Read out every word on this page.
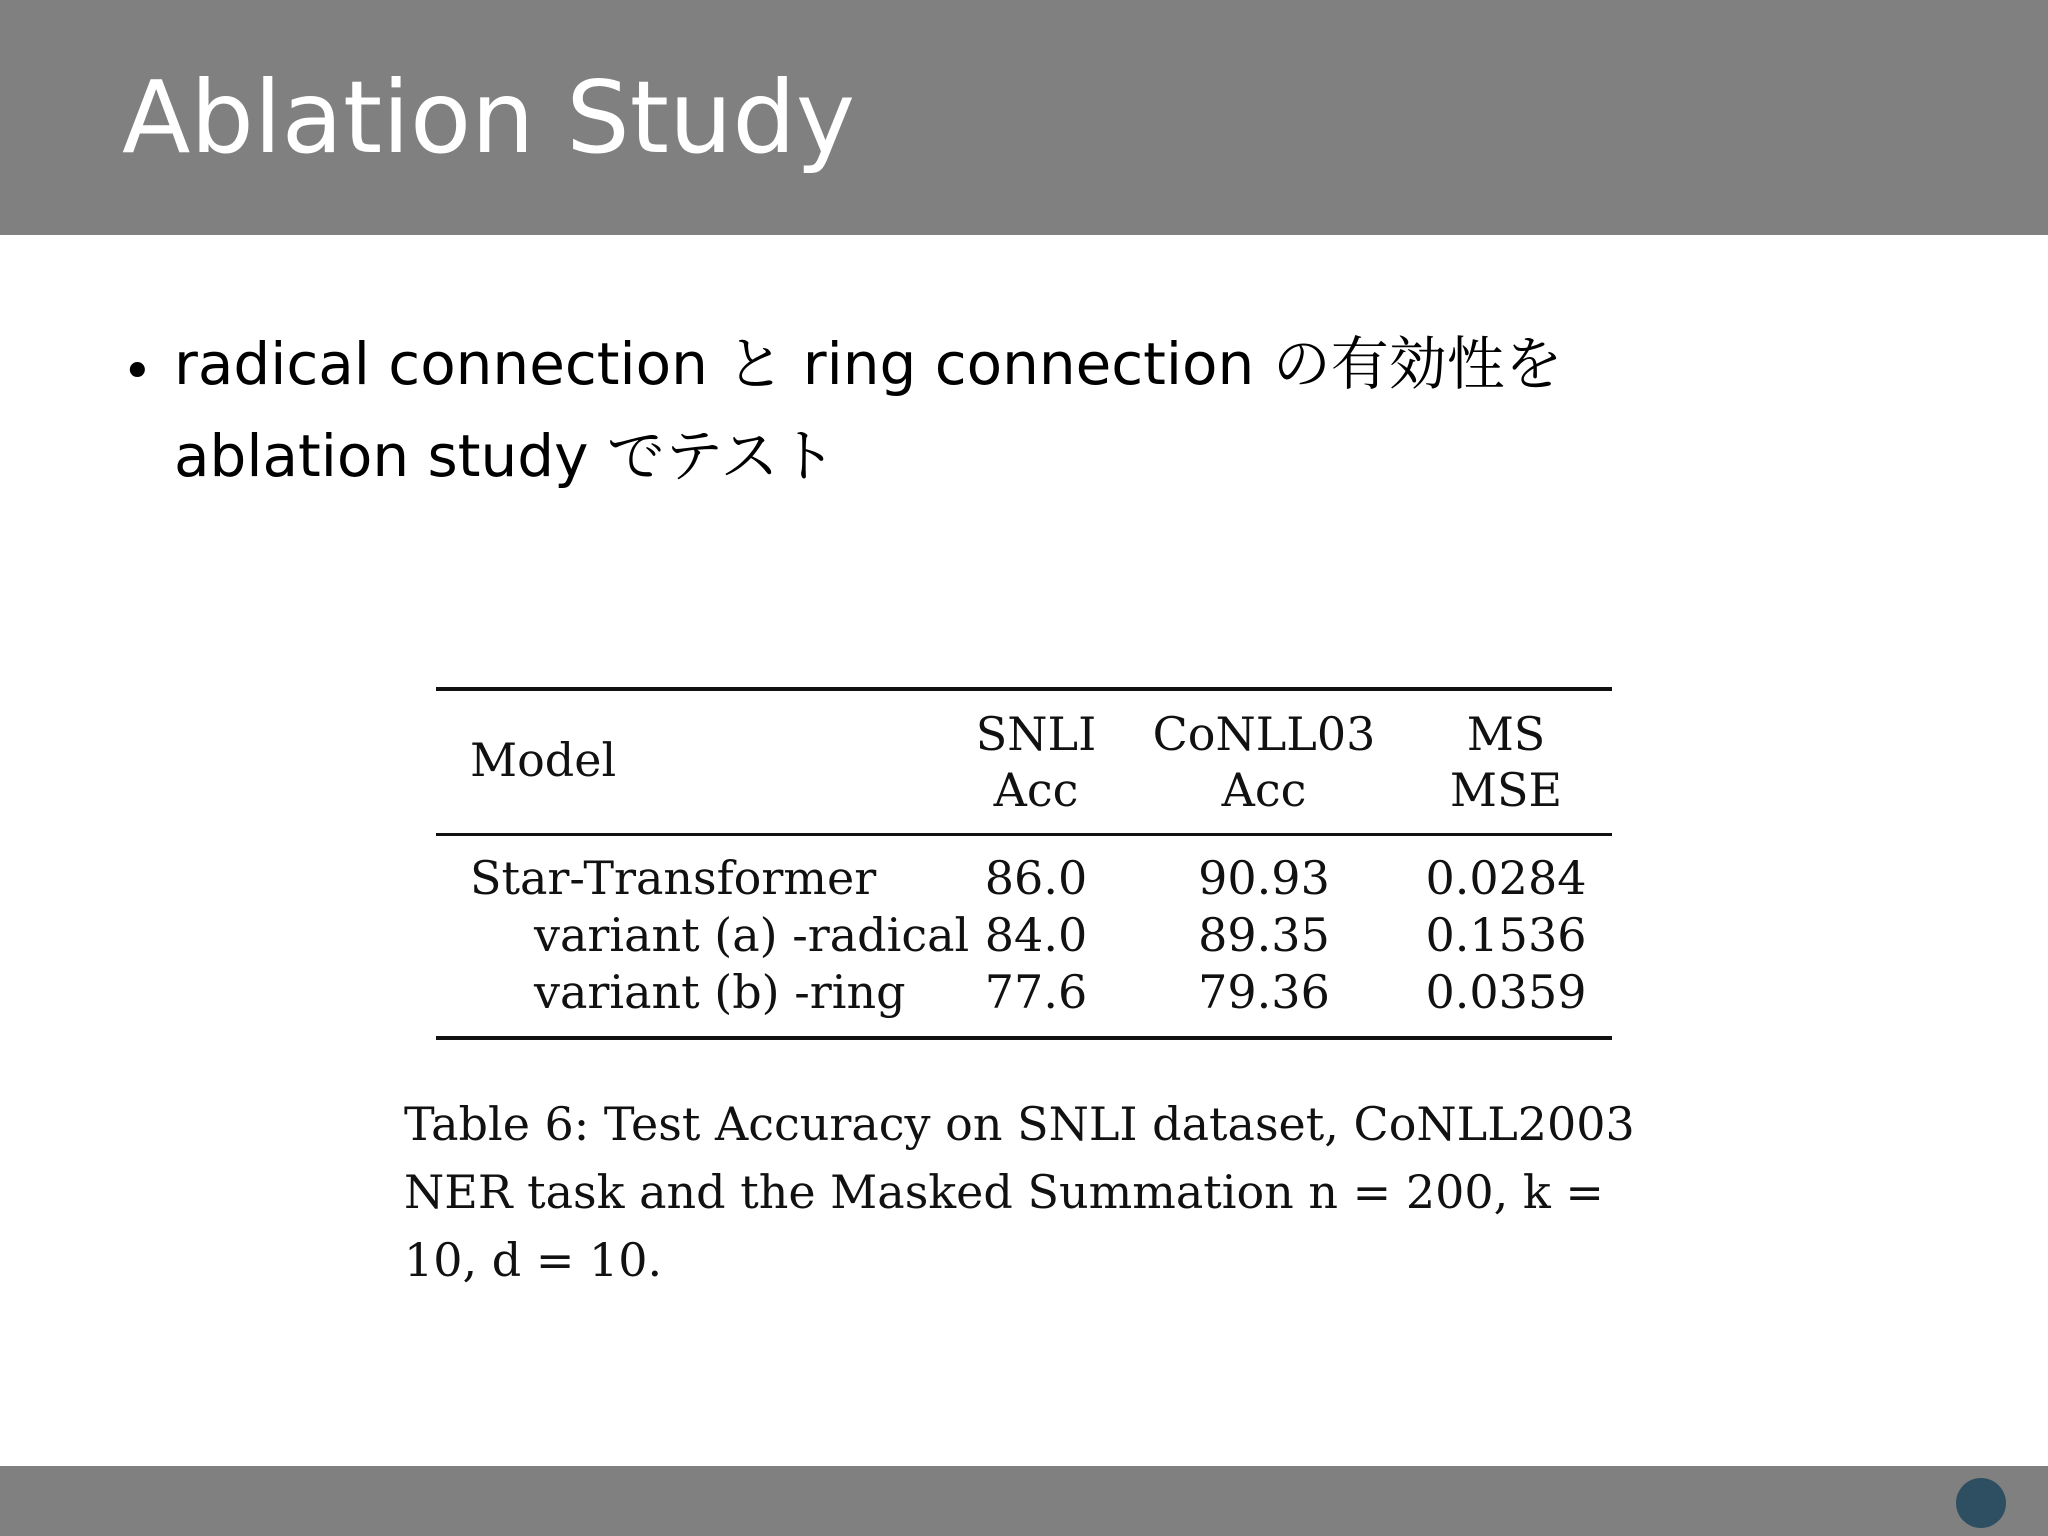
Ablation Study
• radical connection と ring connection の有効性を
ablation study でテスト
Model	SNLI
Acc
CoNLL03
Acc
MS
MSE
Star-Transformer 86.0 90.93 0.0284
variant (a) -radical 84.0 89.35 0.1536
variant (b) -ring 77.6 79.36 0.0359
Table 6: Test Accuracy on SNLI dataset, CoNLL2003
NER task and the Masked Summation n = 200, k =
10, d = 10.
